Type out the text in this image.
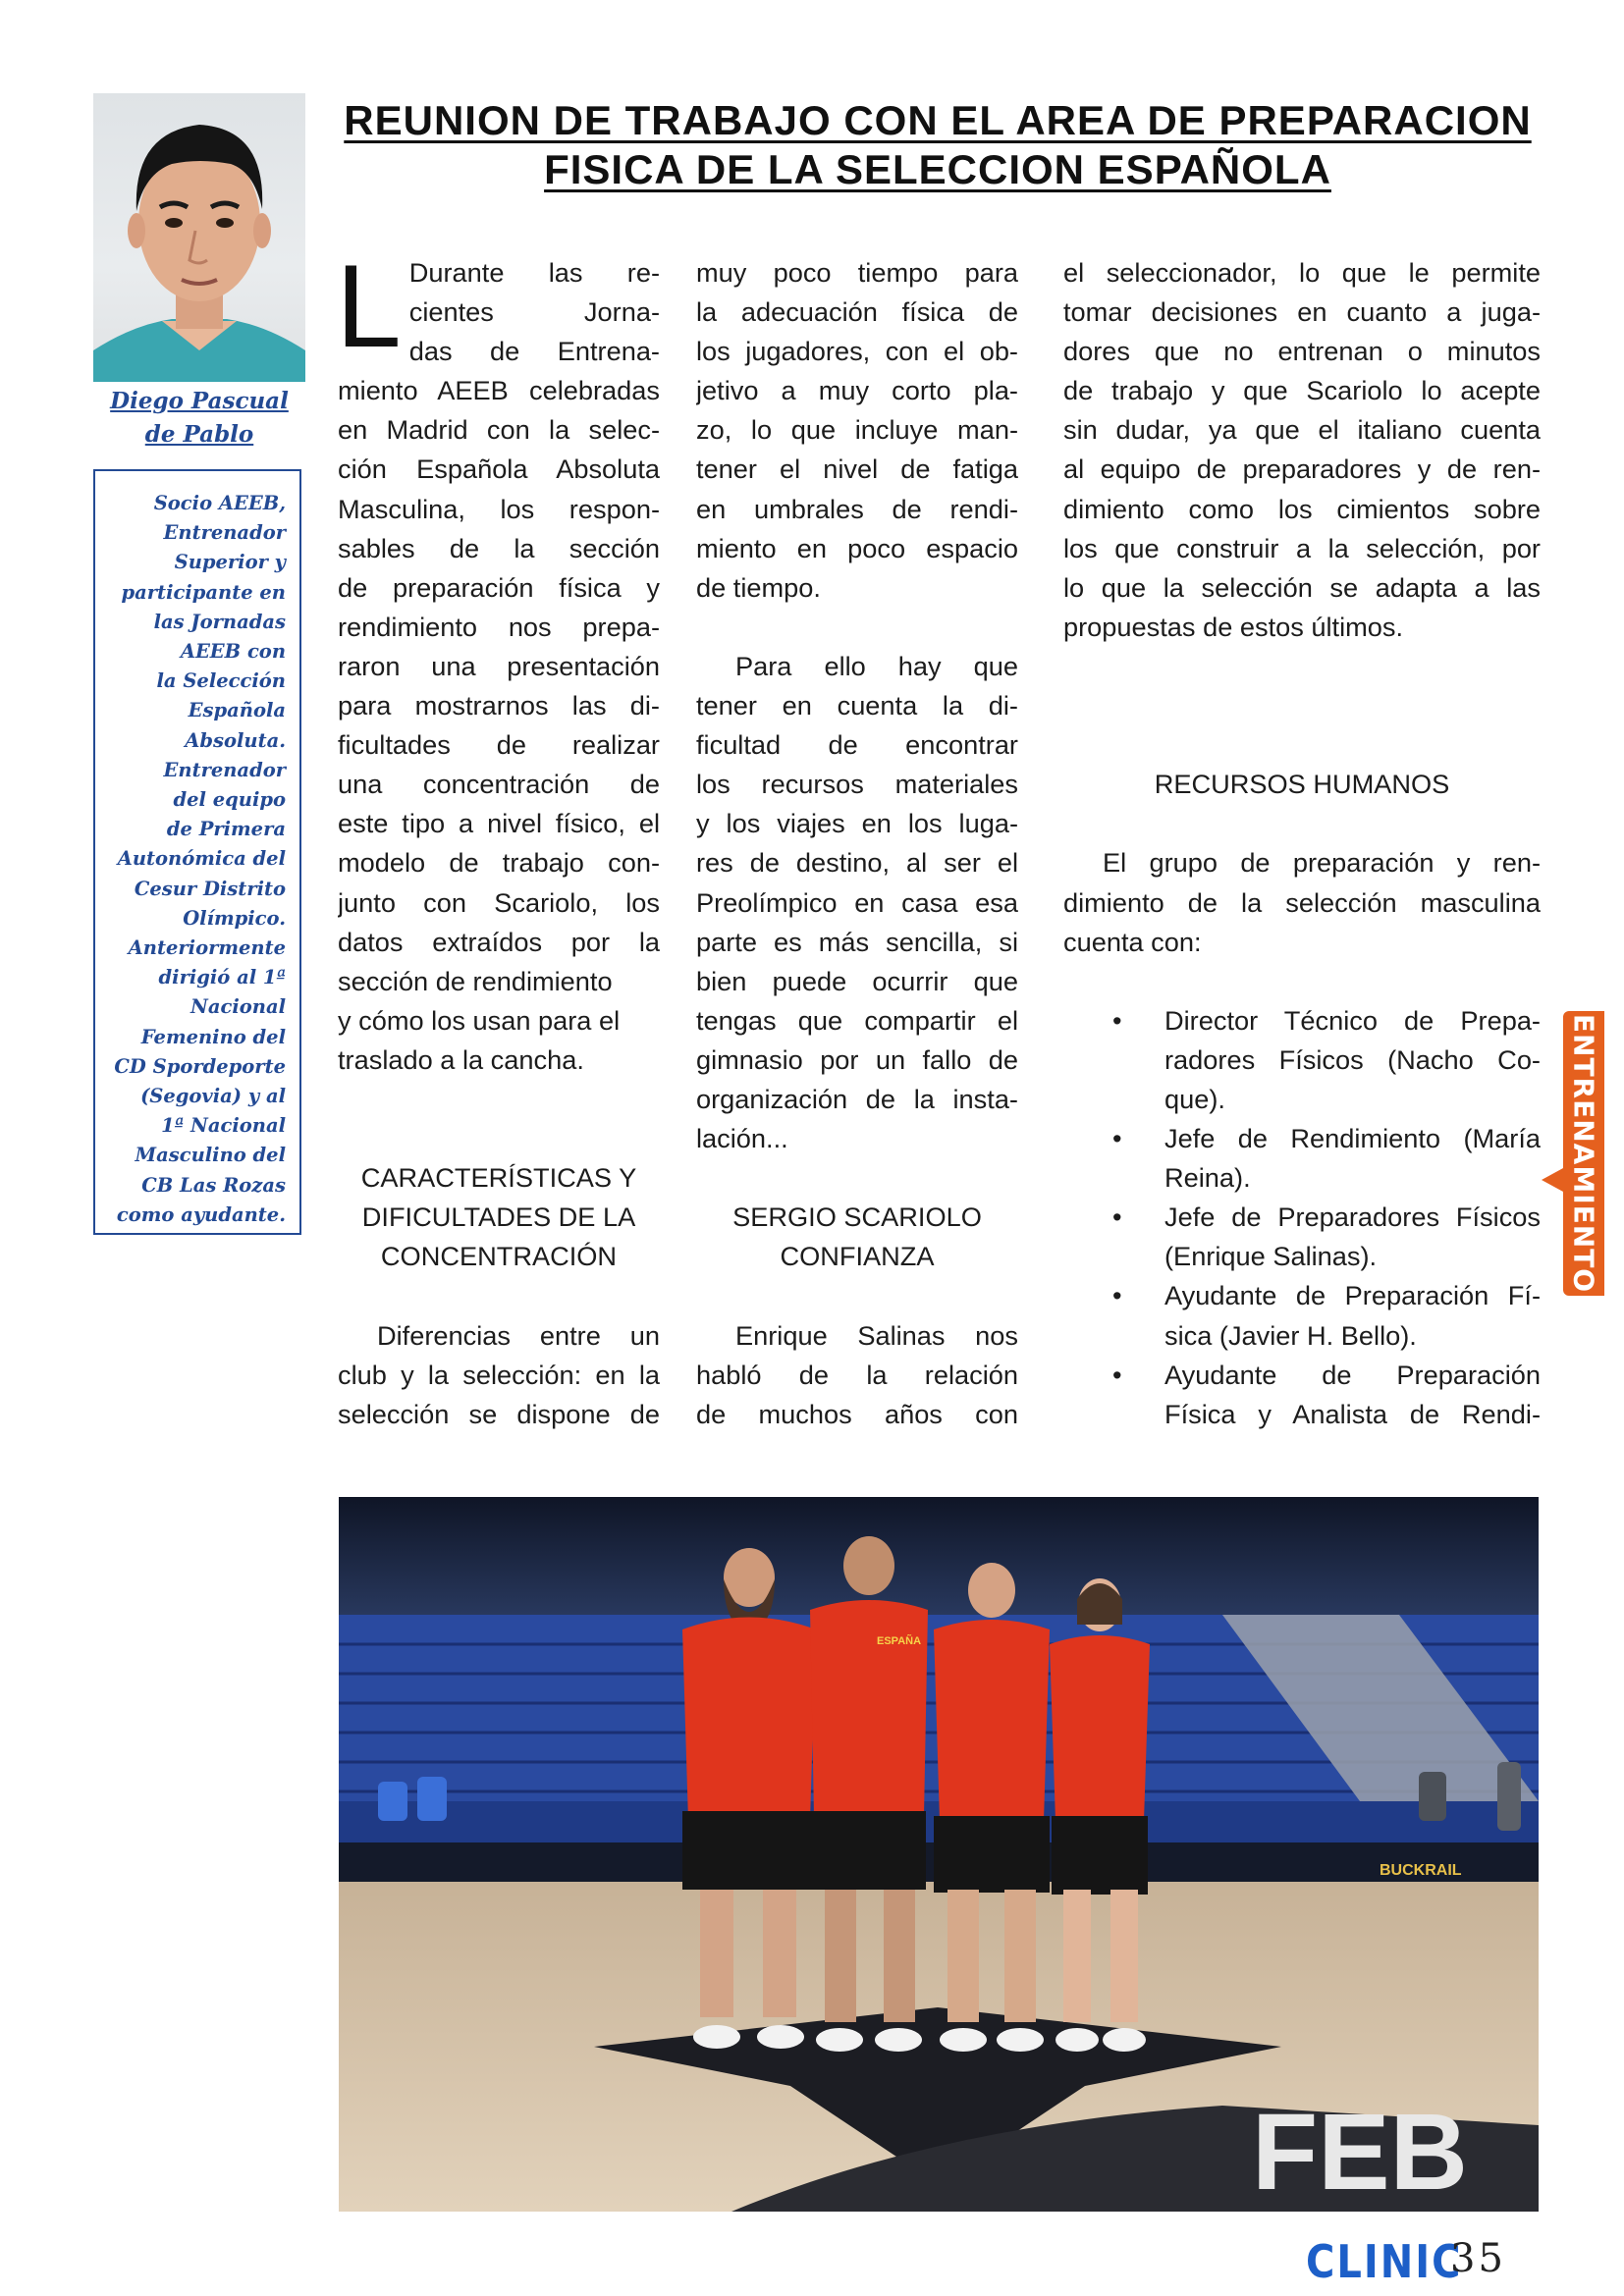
Diego Pascual
de Pablo
Socio AEEB,
Entrenador
Superior y
participante en
las Jornadas
AEEB con
la Selección
Española
Absoluta.
Entrenador
del equipo
de Primera
Autonómica del
Cesur Distrito
Olímpico.
Anteriormente
dirigió al 1ª
Nacional
Femenino del
CD Spordeporte
(Segovia) y al
1ª Nacional
Masculino del
CB Las Rozas
como ayudante.
REUNION DE TRABAJO CON EL AREA DE PREPARACION
FISICA DE LA SELECCION ESPAÑOLA
L Durante las re-
cientes Jorna-
das de Entrena-
miento AEEB celebradas
en Madrid con la selec-
ción Española Absoluta
Masculina, los respon-
sables de la sección
de preparación física y
rendimiento nos prepa-
raron una presentación
para mostrarnos las di-
ficultades de realizar
una concentración de
este tipo a nivel físico, el
modelo de trabajo con-
junto con Scariolo, los
datos extraídos por la
sección de rendimiento
y cómo los usan para el
traslado a la cancha.
CARACTERÍSTICAS Y
DIFICULTADES DE LA
CONCENTRACIÓN
Diferencias entre un
club y la selección: en la
selección se dispone de
muy poco tiempo para
la adecuación física de
los jugadores, con el ob-
jetivo a muy corto pla-
zo, lo que incluye man-
tener el nivel de fatiga
en umbrales de rendi-
miento en poco espacio
de tiempo.
Para ello hay que
tener en cuenta la di-
ficultad de encontrar
los recursos materiales
y los viajes en los luga-
res de destino, al ser el
Preolímpico en casa esa
parte es más sencilla, si
bien puede ocurrir que
tengas que compartir el
gimnasio por un fallo de
organización de la insta-
lación...
SERGIO SCARIOLO
CONFIANZA
Enrique Salinas nos
habló de la relación
de muchos años con
el seleccionador, lo que le permite
tomar decisiones en cuanto a juga-
dores que no entrenan o minutos
de trabajo y que Scariolo lo acepte
sin dudar, ya que el italiano cuenta
al equipo de preparadores y de ren-
dimiento como los cimientos sobre
los que construir a la selección, por
lo que la selección se adapta a las
propuestas de estos últimos.
RECURSOS HUMANOS
El grupo de preparación y ren-
dimiento de la selección masculina
cuenta con:
• Director Técnico de Prepa-
radores Físicos (Nacho Co-
que).
• Jefe de Rendimiento (María
Reina).
• Jefe de Preparadores Físicos
(Enrique Salinas).
• Ayudante de Preparación Fí-
sica (Javier H. Bello).
• Ayudante de Preparación
Física y Analista de Rendi-
ENTRENAMIENTO
FEB
BUCKRAIL
ESPAÑA
CLINIC
35
